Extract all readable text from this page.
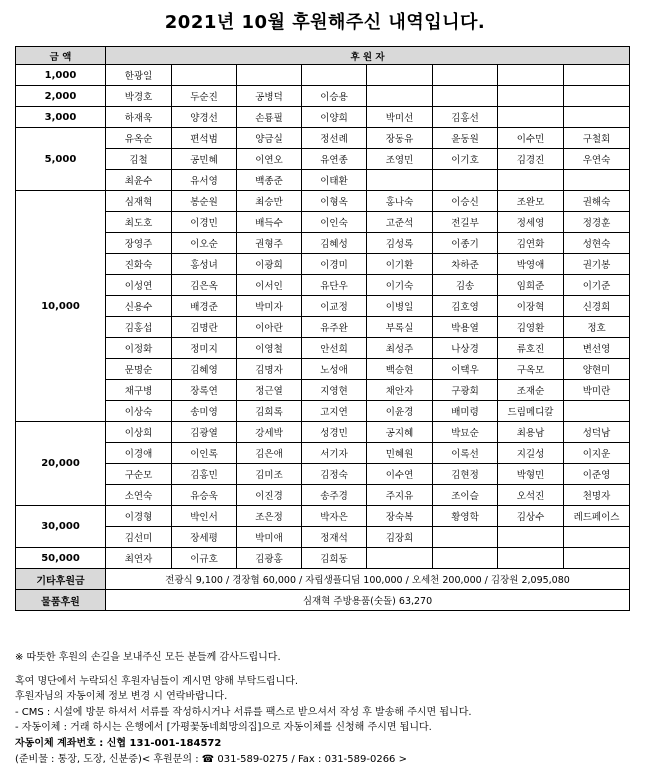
2021년 10월 후원해주신 내역입니다.
금 액	후 원 자							
1,000	한광일							
2,000	박경호	두순진	공병덕	이승용				
3,000	하재욱	양경선	손룡필	이양희	박미선	김홍선		
5,000	유옥순	편석범	양금실	정선례	장동유	윤동원	이수민	구철회
	김철	공민혜	이연오	유연종	조영민	이기호	김경진	우연숙
	최윤수	유서영	백종준	이태환				
10,000	심재혁	봉순원	최승만	이형옥	홍나숙	이승신	조완모	권해숙
	최도호	이경민	배득수	이인숙	고준석	전길부	정세영	정경훈
	장영주	이오순	권형주	김혜성	김성록	이종기	김연화	성현숙
	진화숙	홍성녀	이광희	이경미	이기환	차하준	박영애	권기봉
	이성연	김은옥	이서인	유단우	이기숙	김송	임희준	이기준
	신용수	배경준	박미자	이교정	이병일	김호영	이장혁	신경희
	김홍섭	김명란	이아란	유주완	부록실	박용열	김영환	정호
	이정화	정미지	이영철	안선희	최성주	나상경	류호진	변선영
	문명순	김혜영	김명자	노성애	백승현	이택우	구옥모	양현미
	채구병	장록연	정근열	지영현	채안자	구광회	조재순	박미란
	이상숙	송미영	김희록	고지연	이윤경	배미령	드림메디칼	
20,000	이상희	김광열	강세박	성경민	공지혜	박묘순	최용남	성덕남
	이경애	이인록	김은애	서기자	민혜원	이록선	지길성	이지운
	구순모	김홍민	김미조	김정숙	이수연	김현정	박형민	이준영
	소연숙	유승욱	이진경	송주경	주지유	조이슬	오석진	천명자
30,000	이경형	박인서	조은정	박자은	장숙복	황영학	김상수	레드페이스
	김선미	장세평	박미애	정재석	김장희			
50,000	최연자	이규호	김광홍	김희동				
기타후원금	전광식 9,100 / 경장협 60,000 / 자립생플디딤 100,000 / 오세천 200,000 / 김장원 2,095,080							
물품후원	심재혁 주방용품(숫돌) 63,270							
※ 따뜻한 후원의 손길을 보내주신 모든 분들께 감사드립니다.
혹여 명단에서 누락되신 후원자님들이 계시면 양해 부탁드립니다.
후원자님의 자동이체 정보 변경 시 연락바랍니다.
- CMS : 시설에 방문 하셔서 서류를 작성하시거나 서류를 팩스로 받으셔서 작성 후 발송해 주시면 됩니다.
- 자동이체 : 거래 하시는 은행에서 [가평꽃동네희망의집]으로 자동이체를 신청해 주시면 됩니다.
자동이체 계좌번호 : 신협 131-001-184572
(준비물 : 통장, 도장, 신분증)< 후원문의 : ☎ 031-589-0275 / Fax : 031-589-0266 >
